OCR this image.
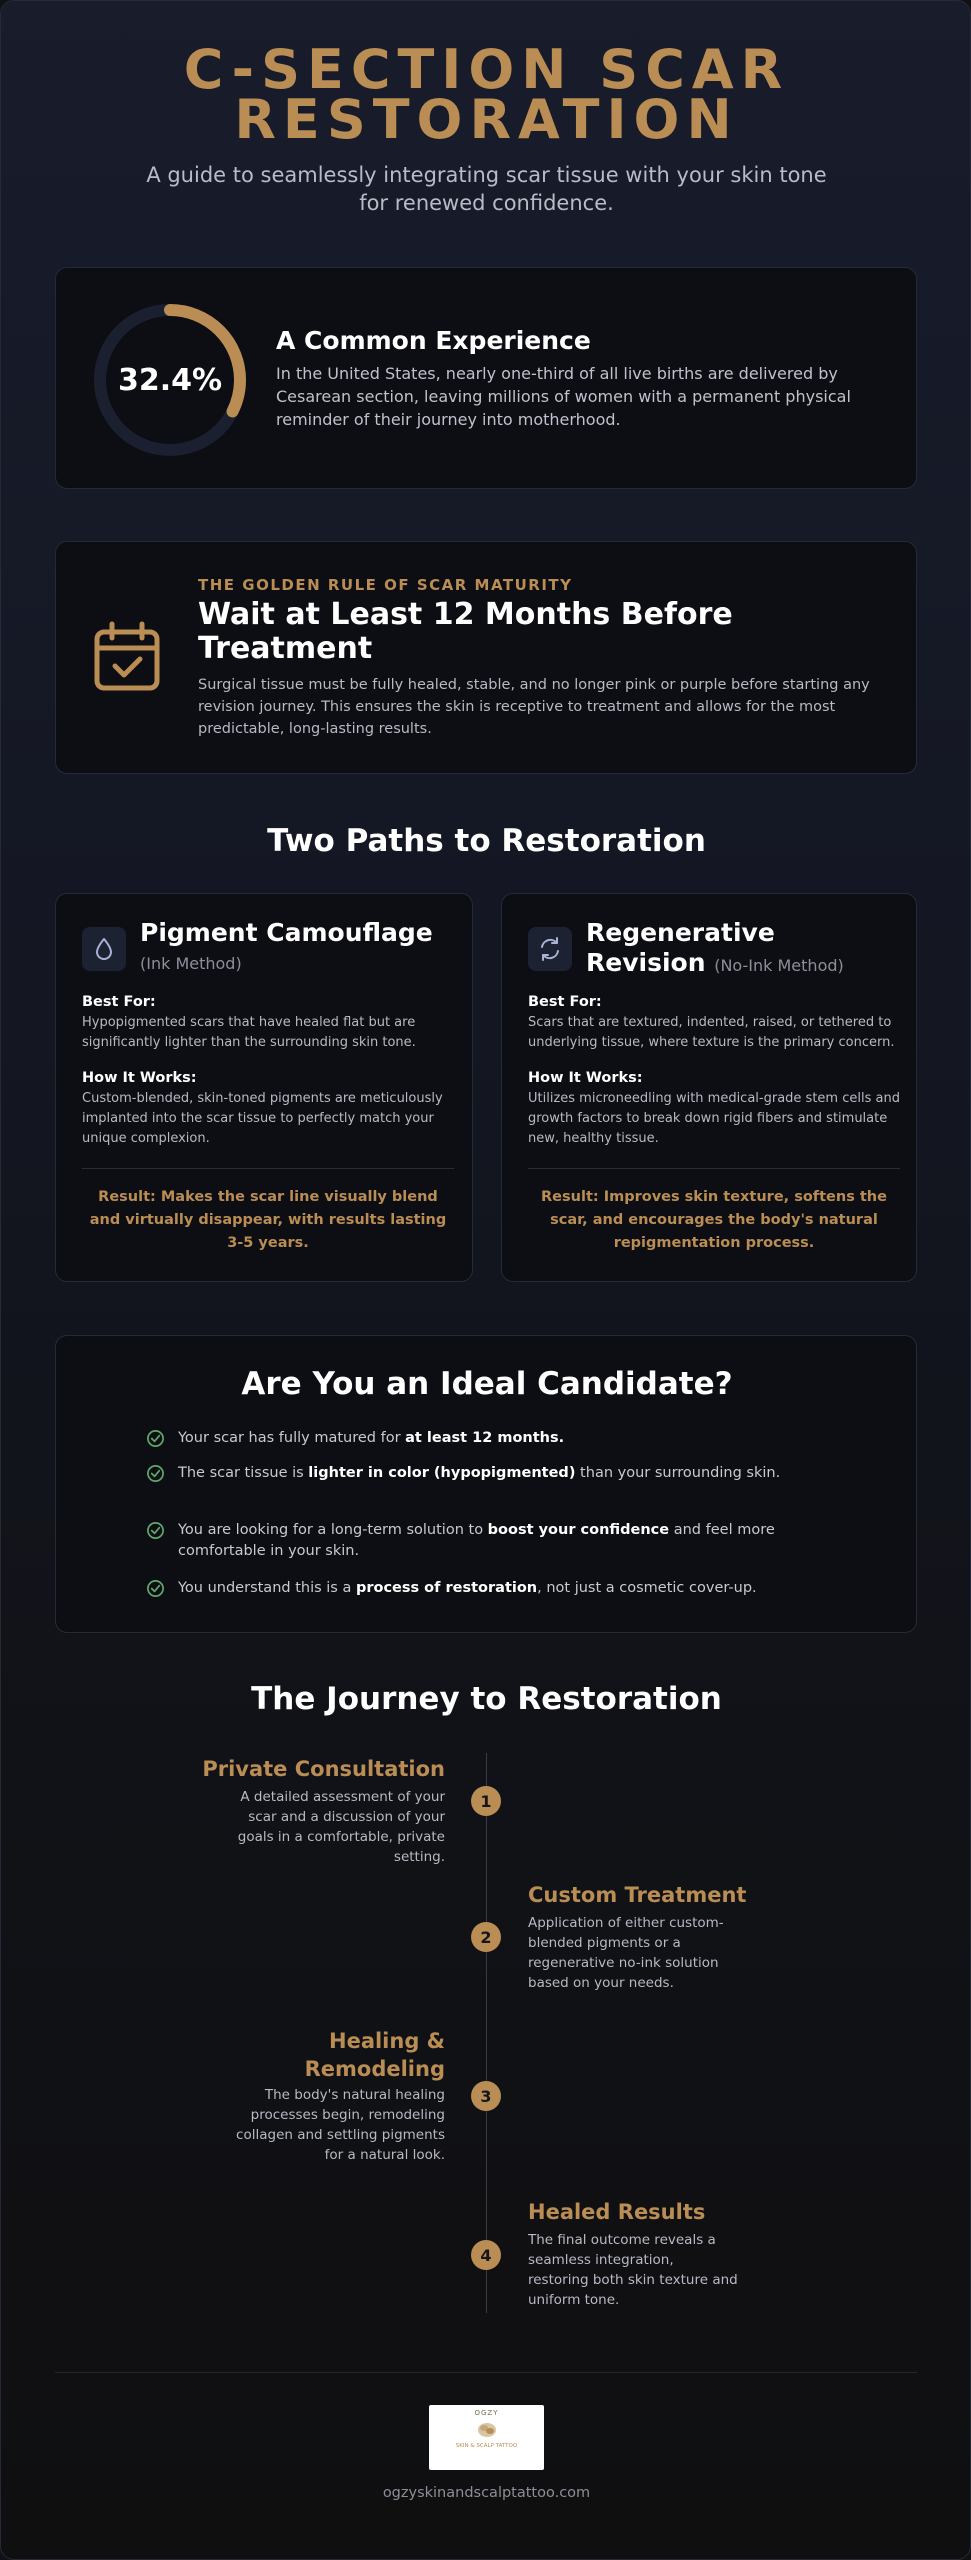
C-SECTION SCAR
RESTORATION
A guide to seamlessly integrating scar tissue with your skin tone for renewed confidence.
32.4%
A Common Experience
In the United States, nearly one-third of all live births are delivered by Cesarean section, leaving millions of women with a permanent physical reminder of their journey into motherhood.
THE GOLDEN RULE OF SCAR MATURITY
Wait at Least 12 Months Before Treatment
Surgical tissue must be fully healed, stable, and no longer pink or purple before starting any revision journey. This ensures the skin is receptive to treatment and allows for the most predictable, long-lasting results.
Two Paths to Restoration
Pigment Camouflage
(Ink Method)
Best For:
Hypopigmented scars that have healed flat but are significantly lighter than the surrounding skin tone.
How It Works:
Custom-blended, skin-toned pigments are meticulously implanted into the scar tissue to perfectly match your unique complexion.
Result: Makes the scar line visually blend and virtually disappear, with results lasting 3-5 years.
Regenerative
Revision (No-Ink Method)
Best For:
Scars that are textured, indented, raised, or tethered to underlying tissue, where texture is the primary concern.
How It Works:
Utilizes microneedling with medical-grade stem cells and growth factors to break down rigid fibers and stimulate new, healthy tissue.
Result: Improves skin texture, softens the scar, and encourages the body's natural repigmentation process.
Are You an Ideal Candidate?
Your scar has fully matured for at least 12 months.
The scar tissue is lighter in color (hypopigmented) than your surrounding skin.
You are looking for a long-term solution to boost your confidence and feel more comfortable in your skin.
You understand this is a process of restoration, not just a cosmetic cover-up.
The Journey to Restoration
Private Consultation
A detailed assessment of your scar and a discussion of your goals in a comfortable, private setting.
1
Custom Treatment
Application of either custom-blended pigments or a regenerative no-ink solution based on your needs.
2
Healing & Remodeling
The body's natural healing processes begin, remodeling collagen and settling pigments for a natural look.
3
Healed Results
The final outcome reveals a seamless integration, restoring both skin texture and uniform tone.
4
OGZY
SKIN & SCALP TATTOO
ogzyskinandscalptattoo.com
